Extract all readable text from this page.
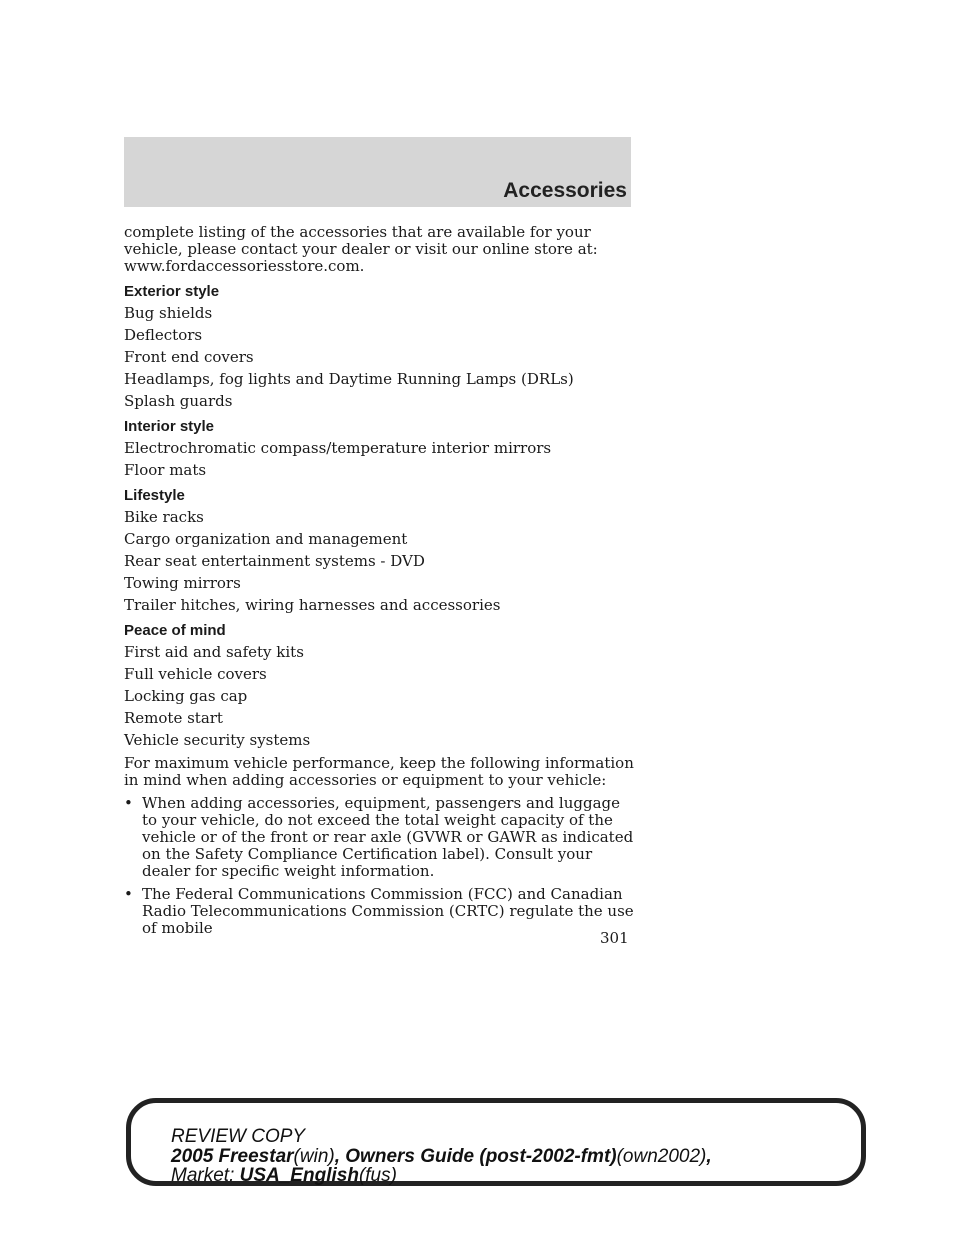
Accessories

complete listing of the accessories that are available for your vehicle, please contact your dealer or visit our online store at: www.fordaccessoriesstore.com.

Exterior style
Bug shields
Deflectors
Front end covers
Headlamps, fog lights and Daytime Running Lamps (DRLs)
Splash guards
Interior style
Electrochromatic compass/temperature interior mirrors
Floor mats
Lifestyle
Bike racks
Cargo organization and management
Rear seat entertainment systems - DVD
Towing mirrors
Trailer hitches, wiring harnesses and accessories
Peace of mind
First aid and safety kits
Full vehicle covers
Locking gas cap
Remote start
Vehicle security systems

For maximum vehicle performance, keep the following information in mind when adding accessories or equipment to your vehicle:

• When adding accessories, equipment, passengers and luggage to your vehicle, do not exceed the total weight capacity of the vehicle or of the front or rear axle (GVWR or GAWR as indicated on the Safety Compliance Certification label). Consult your dealer for specific weight information.
• The Federal Communications Commission (FCC) and Canadian Radio Telecommunications Commission (CRTC) regulate the use of mobile
301
REVIEW COPY
2005 Freestar(win), Owners Guide (post-2002-fmt)(own2002),
Market: USA_English(fus)
